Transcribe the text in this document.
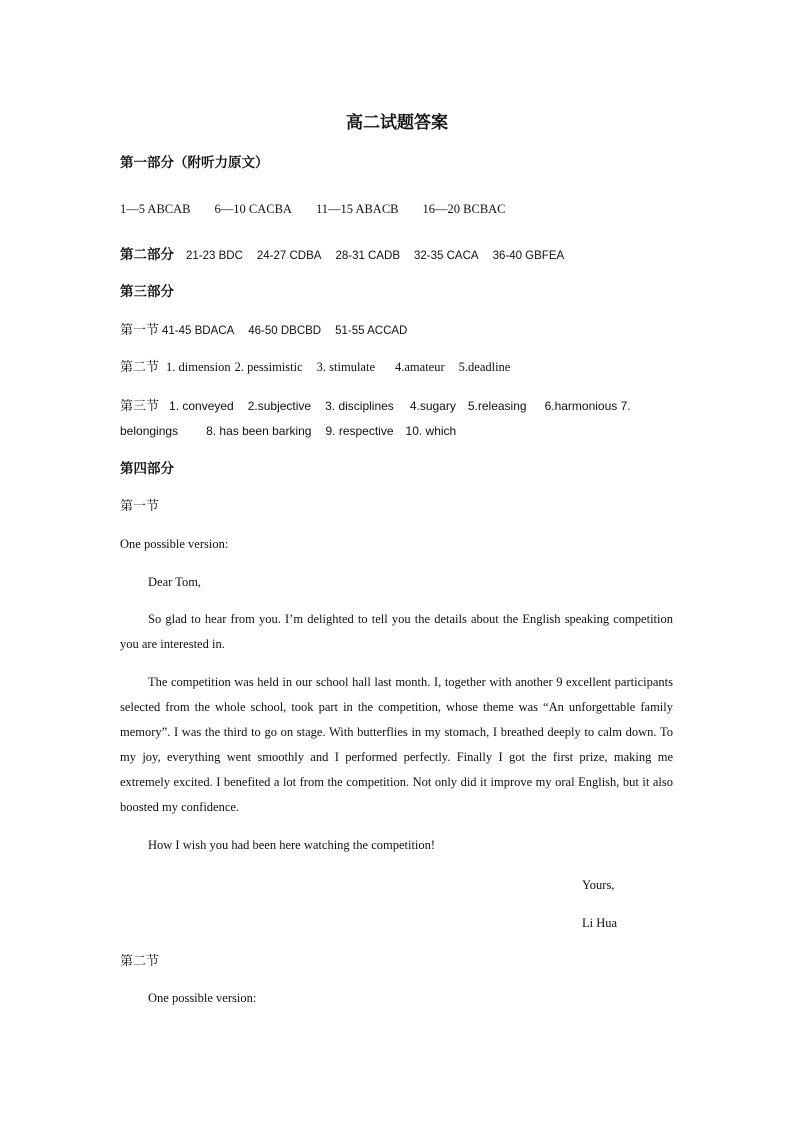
高二试题答案
第一部分（附听力原文）
1—5 ABCAB 6—10 CACBA 11—15 ABACB 16—20 BCBAC
第二部分 21-23 BDC 24-27 CDBA 28-31 CADB 32-35 CACA 36-40 GBFEA
第三部分
第一节 41-45 BDACA 46-50 DBCBD 51-55 ACCAD
第二节 1. dimension 2. pessimistic 3. stimulate 4.amateur 5.deadline
第三节 1. conveyed 2.subjective 3. disciplines 4.sugary 5.releasing 6.harmonious 7.
belongings 8. has been barking 9. respective 10. which
第四部分
第一节
One possible version:
Dear Tom,
So glad to hear from you. I’m delighted to tell you the details about the English speaking competition you are interested in.
The competition was held in our school hall last month. I, together with another 9 excellent participants selected from the whole school, took part in the competition, whose theme was “An unforgettable family memory”. I was the third to go on stage. With butterflies in my stomach, I breathed deeply to calm down. To my joy, everything went smoothly and I performed perfectly. Finally I got the first prize, making me extremely excited. I benefited a lot from the competition. Not only did it improve my oral English, but it also boosted my confidence.
How I wish you had been here watching the competition!
Yours,
Li Hua
第二节
One possible version:
